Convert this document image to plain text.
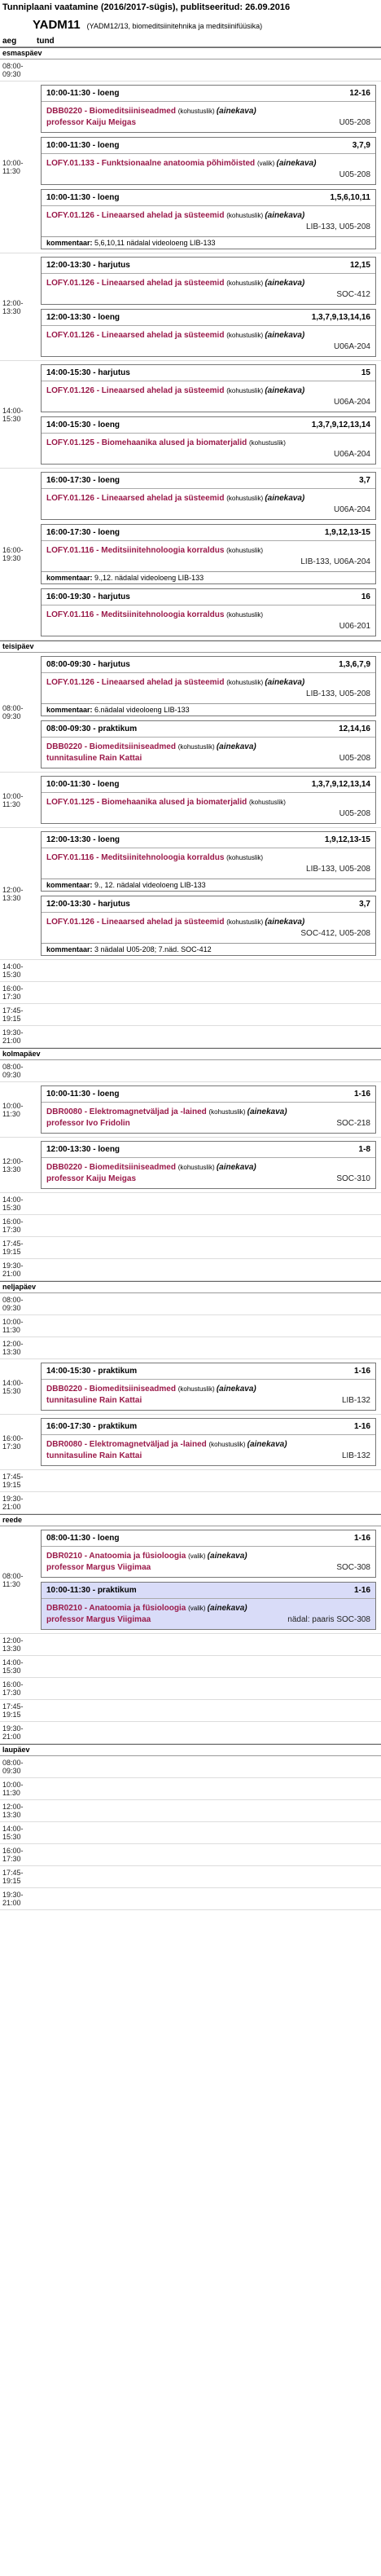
Tunniplaani vaatamine (2016/2017-sügis), publitseeritud: 26.09.2016
YADM11 (YADM12/13, biomeditsiinitehnika ja meditsiinifüüsika)
aeg	tund
esmaspäev
08:00-
09:30
10:00-
11:30
10:00-11:30 - loeng	12-16
DBB0220 - Biomeditsiiniseadmed (kohustuslik) (ainekava)
professor Kaiju Meigas	U05-208
10:00-11:30 - loeng	3,7,9
LOFY.01.133 - Funktsionaalne anatoomia põhimõisted (valik) (ainekava)
U05-208
10:00-11:30 - loeng	1,5,6,10,11
LOFY.01.126 - Lineaarsed ahelad ja süsteemid (kohustuslik) (ainekava)
LIB-133, U05-208
kommentaar: 5,6,10,11 nädalal videoloeng LIB-133
12:00-
13:30
12:00-13:30 - harjutus	12,15
LOFY.01.126 - Lineaarsed ahelad ja süsteemid (kohustuslik) (ainekava)
SOC-412
12:00-13:30 - loeng	1,3,7,9,13,14,16
LOFY.01.126 - Lineaarsed ahelad ja süsteemid (kohustuslik) (ainekava)
U06A-204
14:00-
15:30
14:00-15:30 - harjutus	15
LOFY.01.126 - Lineaarsed ahelad ja süsteemid (kohustuslik) (ainekava)
U06A-204
14:00-15:30 - loeng	1,3,7,9,12,13,14
LOFY.01.125 - Biomehaanika alused ja biomaterjalid (kohustuslik)
U06A-204
16:00-
19:30
16:00-17:30 - loeng	3,7
LOFY.01.126 - Lineaarsed ahelad ja süsteemid (kohustuslik) (ainekava)
U06A-204
16:00-17:30 - loeng	1,9,12,13-15
LOFY.01.116 - Meditsiinitehnoloogia korraldus (kohustuslik)
LIB-133, U06A-204
kommentaar: 9.,12. nädalal videoloeng LIB-133
16:00-19:30 - harjutus	16
LOFY.01.116 - Meditsiinitehnoloogia korraldus (kohustuslik)
U06-201
teisipäev
08:00-
09:30
08:00-09:30 - harjutus	1,3,6,7,9
LOFY.01.126 - Lineaarsed ahelad ja süsteemid (kohustuslik) (ainekava)
LIB-133, U05-208
kommentaar: 6.nädalal videoloeng LIB-133
08:00-09:30 - praktikum	12,14,16
DBB0220 - Biomeditsiiniseadmed (kohustuslik) (ainekava)
tunnitasuline Rain Kattai	U05-208
10:00-
11:30
10:00-11:30 - loeng	1,3,7,9,12,13,14
LOFY.01.125 - Biomehaanika alused ja biomaterjalid (kohustuslik)
U05-208
12:00-
13:30
12:00-13:30 - loeng	1,9,12,13-15
LOFY.01.116 - Meditsiinitehnoloogia korraldus (kohustuslik)
LIB-133, U05-208
kommentaar: 9., 12. nädalal videoloeng LIB-133
12:00-13:30 - harjutus	3,7
LOFY.01.126 - Lineaarsed ahelad ja süsteemid (kohustuslik) (ainekava)
SOC-412, U05-208
kommentaar: 3 nädalal U05-208; 7.näd. SOC-412
14:00-
15:30
16:00-
17:30
17:45-
19:15
19:30-
21:00
kolmapäev
08:00-
09:30
10:00-
11:30
10:00-11:30 - loeng	1-16
DBR0080 - Elektromagnetväljad ja -lained (kohustuslik) (ainekava)
professor Ivo Fridolin	SOC-218
12:00-
13:30
12:00-13:30 - loeng	1-8
DBB0220 - Biomeditsiiniseadmed (kohustuslik) (ainekava)
professor Kaiju Meigas	SOC-310
14:00-
15:30
16:00-
17:30
17:45-
19:15
19:30-
21:00
neljapäev
08:00-
09:30
10:00-
11:30
12:00-
13:30
14:00-
15:30
14:00-15:30 - praktikum	1-16
DBB0220 - Biomeditsiiniseadmed (kohustuslik) (ainekava)
tunnitasuline Rain Kattai	LIB-132
16:00-
17:30
16:00-17:30 - praktikum	1-16
DBR0080 - Elektromagnetväljad ja -lained (kohustuslik) (ainekava)
tunnitasuline Rain Kattai	LIB-132
17:45-
19:15
19:30-
21:00
reede
08:00-
11:30
08:00-11:30 - loeng	1-16
DBR0210 - Anatoomia ja füsioloogia (valik) (ainekava)
professor Margus Viigimaa	SOC-308
10:00-11:30 - praktikum	1-16
DBR0210 - Anatoomia ja füsioloogia (valik) (ainekava)
professor Margus Viigimaa	nädal: paaris SOC-308
12:00-
13:30
14:00-
15:30
16:00-
17:30
17:45-
19:15
19:30-
21:00
laupäev
08:00-
09:30
10:00-
11:30
12:00-
13:30
14:00-
15:30
16:00-
17:30
17:45-
19:15
19:30-
21:00
